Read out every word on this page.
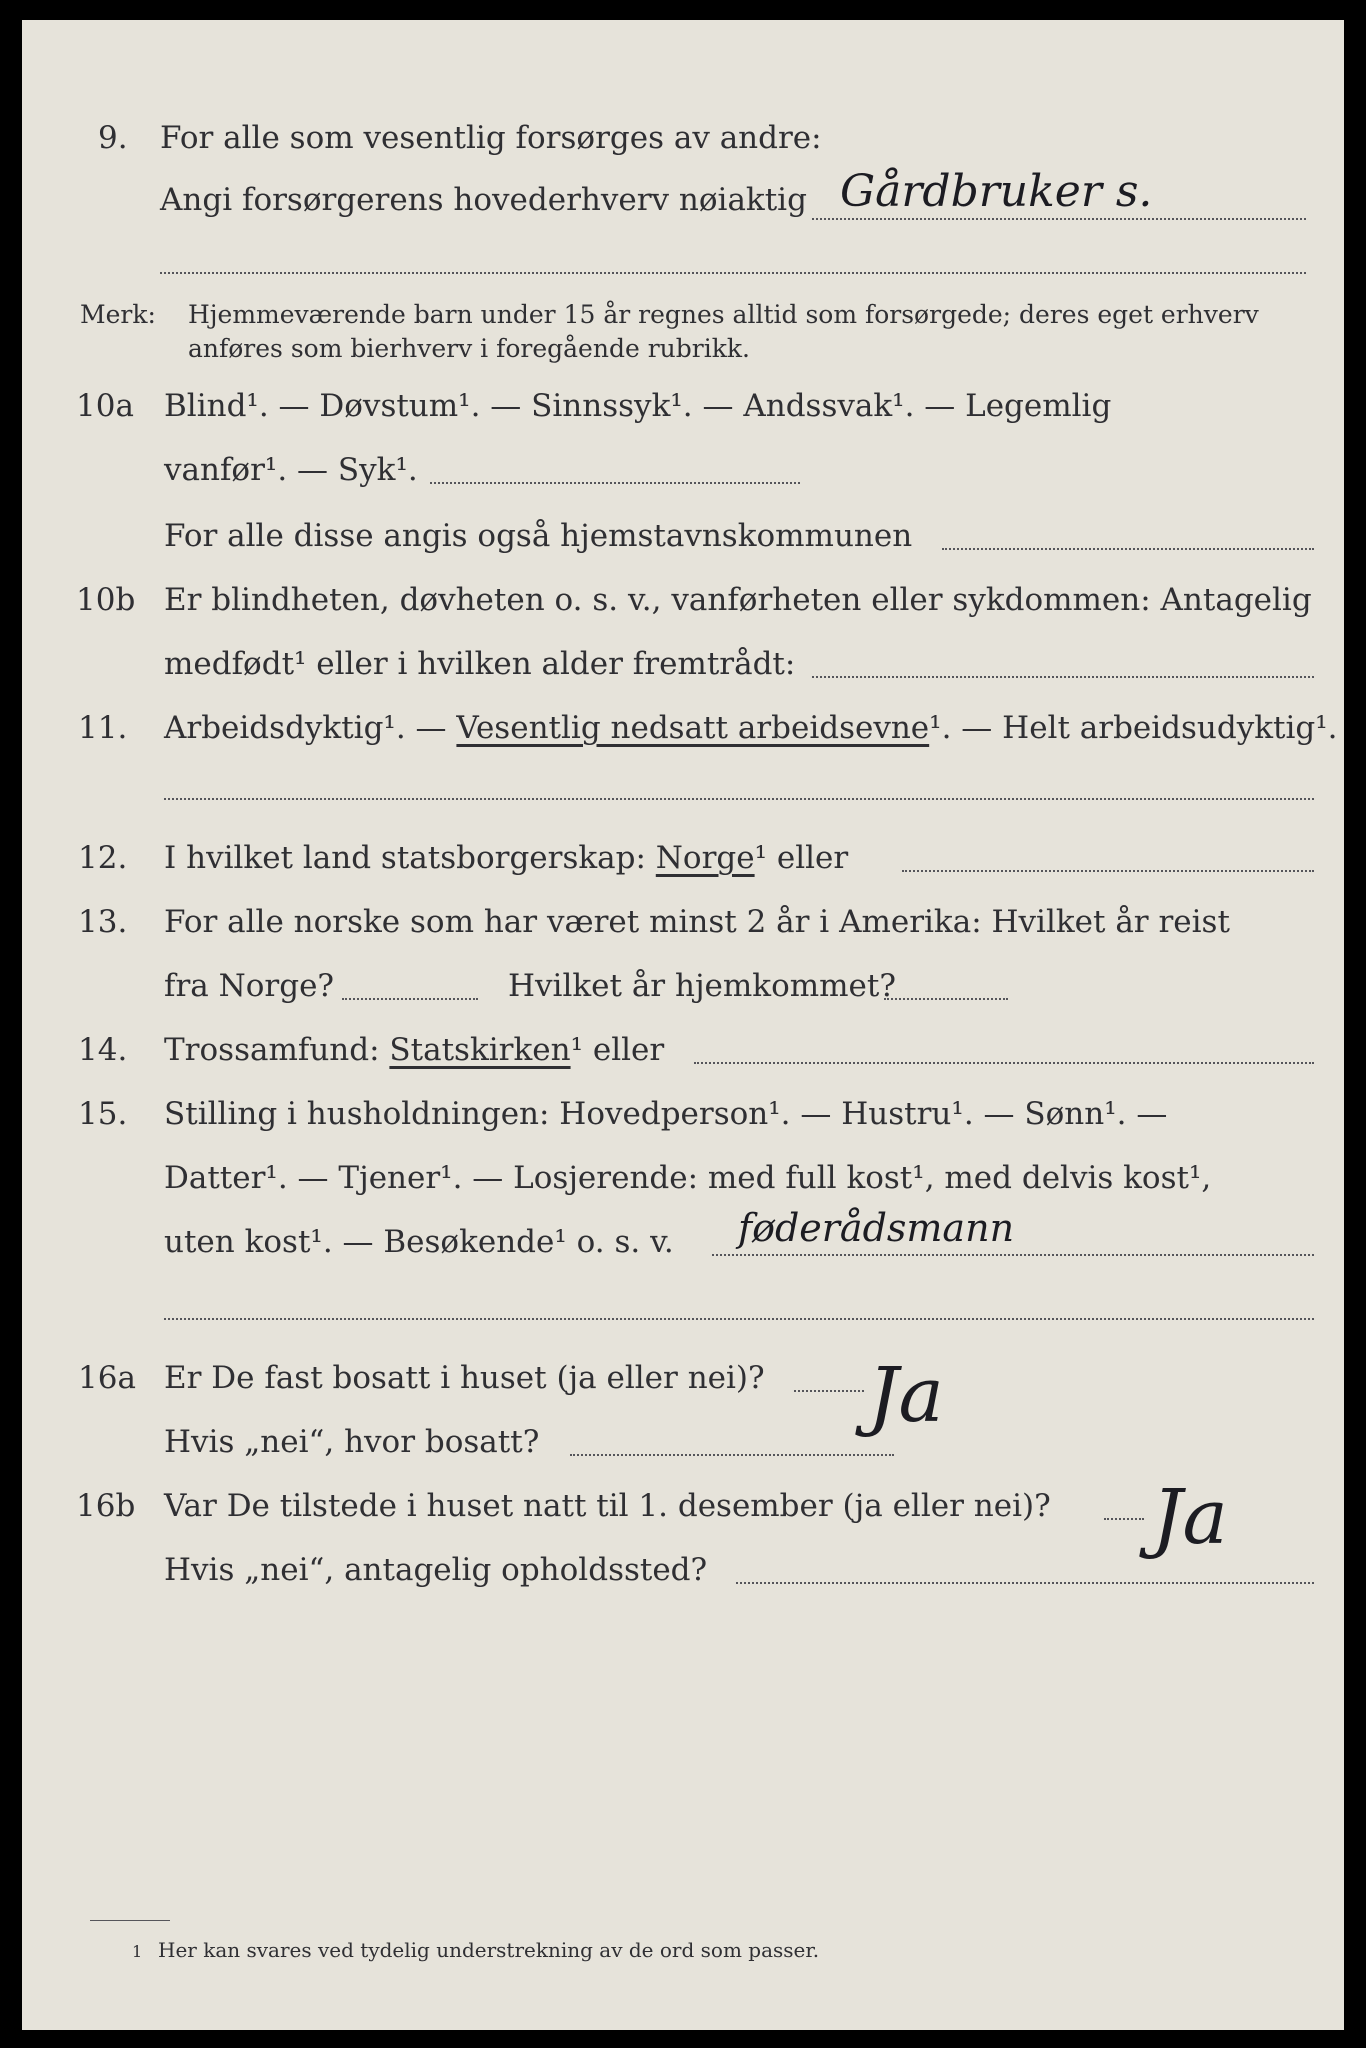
9. For alle som vesentlig forsørges av andre:
Angi forsørgerens hovederhverv nøiaktig Gårdbruker s.
Merk: Hjemmeværende barn under 15 år regnes alltid som forsørgede; deres eget erhverv
anføres som bierhverv i foregående rubrikk.
10a Blind¹. — Døvstum¹. — Sinnssyk¹. — Andssvak¹. — Legemlig
vanfør¹. — Syk¹.
For alle disse angis også hjemstavnskommunen
10b Er blindheten, døvheten o. s. v., vanførheten eller sykdommen: Antagelig
medfødt¹ eller i hvilken alder fremtrådt:
11. Arbeidsdyktig¹. — Vesentlig nedsatt arbeidsevne¹. — Helt arbeidsudyktig¹.
12. I hvilket land statsborgerskap: Norge¹ eller
13. For alle norske som har været minst 2 år i Amerika: Hvilket år reist
fra Norge?	Hvilket år hjemkommet?
14. Trossamfund: Statskirken¹ eller
15. Stilling i husholdningen: Hovedperson¹. — Hustru¹. — Sønn¹. —
Datter¹. — Tjener¹. — Losjerende: med full kost¹, med delvis kost¹,
uten kost¹. — Besøkende¹ o. s. v. føderådsmann
16a Er De fast bosatt i huset (ja eller nei)?
Hvis „nei“, hvor bosatt?
Ja
16b Var De tilstede i huset natt til 1. desember (ja eller nei)?
Hvis „nei“, antagelig opholdssted?
Ja
1 Her kan svares ved tydelig understrekning av de ord som passer.
